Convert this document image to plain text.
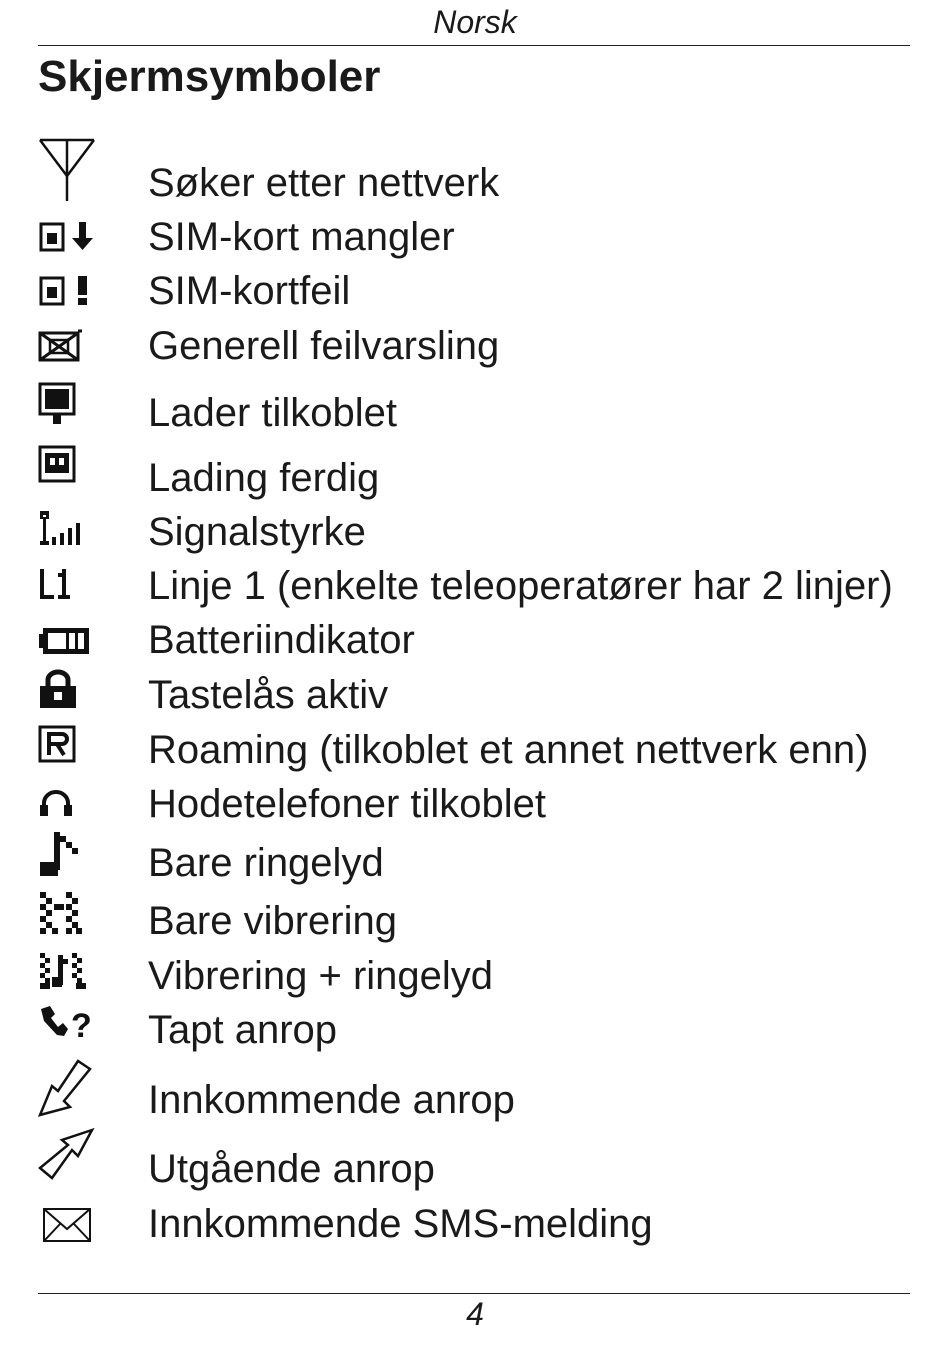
Norsk
Skjermsymboler
Søker etter nettverk
SIM-kort mangler
SIM-kortfeil
Generell feilvarsling
Lader tilkoblet
Lading ferdig
Signalstyrke
Linje 1 (enkelte teleoperatører har 2 linjer)
Batteriindikator
Tastelås aktiv
Roaming (tilkoblet et annet nettverk enn)
Hodetelefoner tilkoblet
Bare ringelyd
Bare vibrering
Vibrering + ringelyd
? Tapt anrop
Innkommende anrop
Utgående anrop
Innkommende SMS-melding
4
